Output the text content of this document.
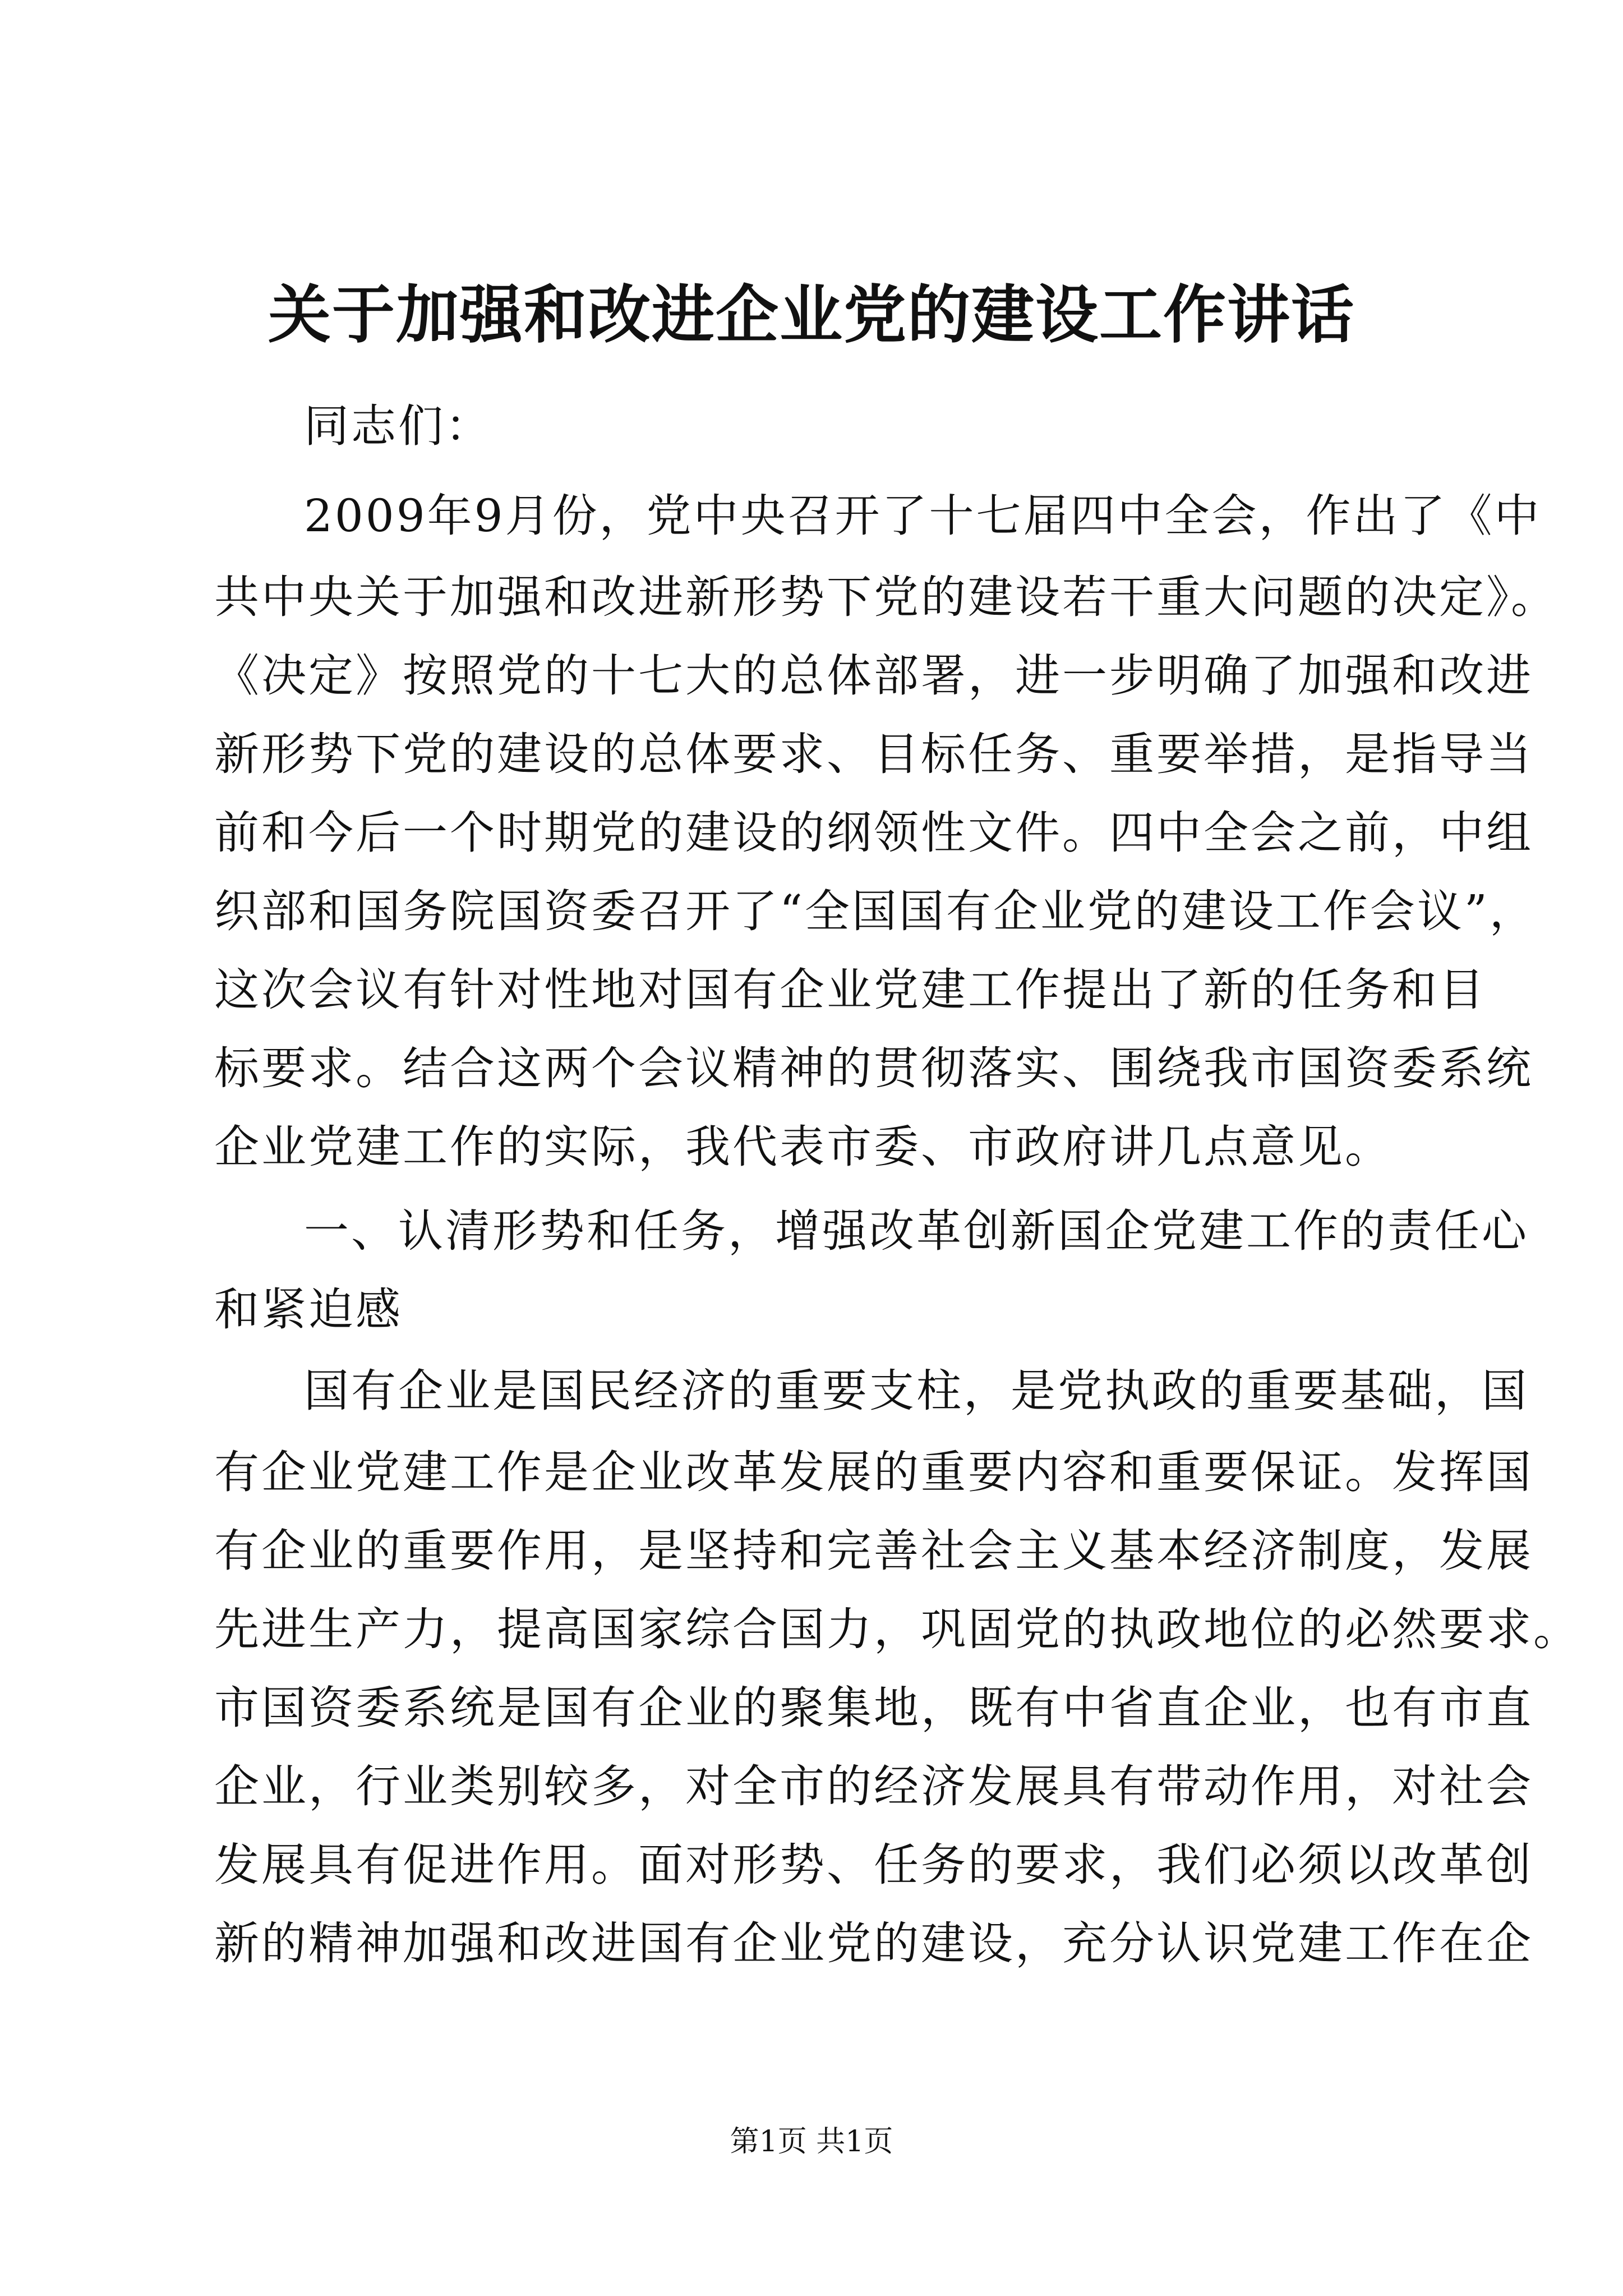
关于加强和改进企业党的建设工作讲话
同志们：
2009年9月份，党中央召开了十七届四中全会，作出了《中
共中央关于加强和改进新形势下党的建设若干重大问题的决定》。
《决定》按照党的十七大的总体部署，进一步明确了加强和改进
新形势下党的建设的总体要求、目标任务、重要举措，是指导当
前和今后一个时期党的建设的纲领性文件。四中全会之前，中组
织部和国务院国资委召开了“全国国有企业党的建设工作会议”，
这次会议有针对性地对国有企业党建工作提出了新的任务和目
标要求。结合这两个会议精神的贯彻落实、围绕我市国资委系统
企业党建工作的实际，我代表市委、市政府讲几点意见。
一、认清形势和任务，增强改革创新国企党建工作的责任心
和紧迫感
国有企业是国民经济的重要支柱，是党执政的重要基础，国
有企业党建工作是企业改革发展的重要内容和重要保证。发挥国
有企业的重要作用，是坚持和完善社会主义基本经济制度，发展
先进生产力，提高国家综合国力，巩固党的执政地位的必然要求。
市国资委系统是国有企业的聚集地，既有中省直企业，也有市直
企业，行业类别较多，对全市的经济发展具有带动作用，对社会
发展具有促进作用。面对形势、任务的要求，我们必须以改革创
新的精神加强和改进国有企业党的建设，充分认识党建工作在企
第1页 共1页
